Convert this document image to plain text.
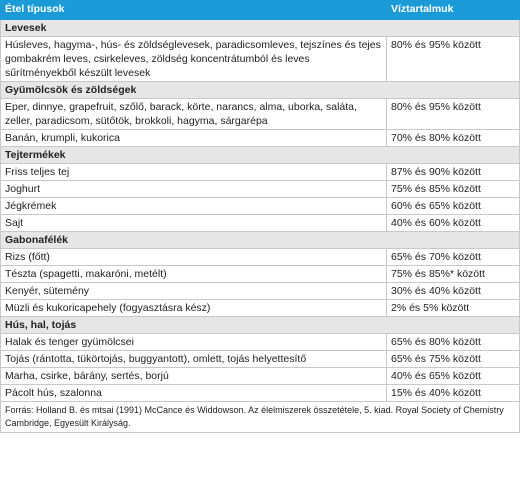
Étel típusok	Víztartalmuk
Levesek	
Húsleves, hagyma-, hús- és zöldséglevesek, paradicsomleves, tejszínes és tejes gombakrém leves, csirkeleves, zöldség koncentrátumból és leves sűrítményekből készült levesek	80% és 95% között
Gyümölcsök és zöldségek	
Eper, dinnye, grapefruit, szőlő, barack, körte, narancs, alma, uborka, saláta, zeller, paradicsom, sütőtök, brokkoli, hagyma, sárgarépa	80% és 95% között
Banán, krumpli, kukorica	70% és 80% között
Tejtermékek	
Friss teljes tej	87% és 90% között
Joghurt	75% és 85% között
Jégkrémek	60% és 65% között
Sajt	40% és 60% között
Gabonafélék	
Rizs (főtt)	65% és 70% között
Tészta (spagetti, makaróni, metélt)	75% és 85%* között
Kenyér, sütemény	30% és 40% között
Müzli és kukoricapehely (fogyasztásra kész)	2% és 5% között
Hús, hal, tojás	
Halak és tenger gyümölcsei	65% és 80% között
Tojás (rántotta, tükörtojás, buggyantott), omlett, tojás helyettesítő	65% és 75% között
Marha, csirke, bárány, sertés, borjú	40% és 65% között
Pácolt hús, szalonna	15% és 40% között
Forrás: Holland B. és mtsai (1991) McCance és Widdowson. Az élelmiszerek összetétele, 5. kiad. Royal Society of Chemistry Cambridge, Egyesült Királyság.	
